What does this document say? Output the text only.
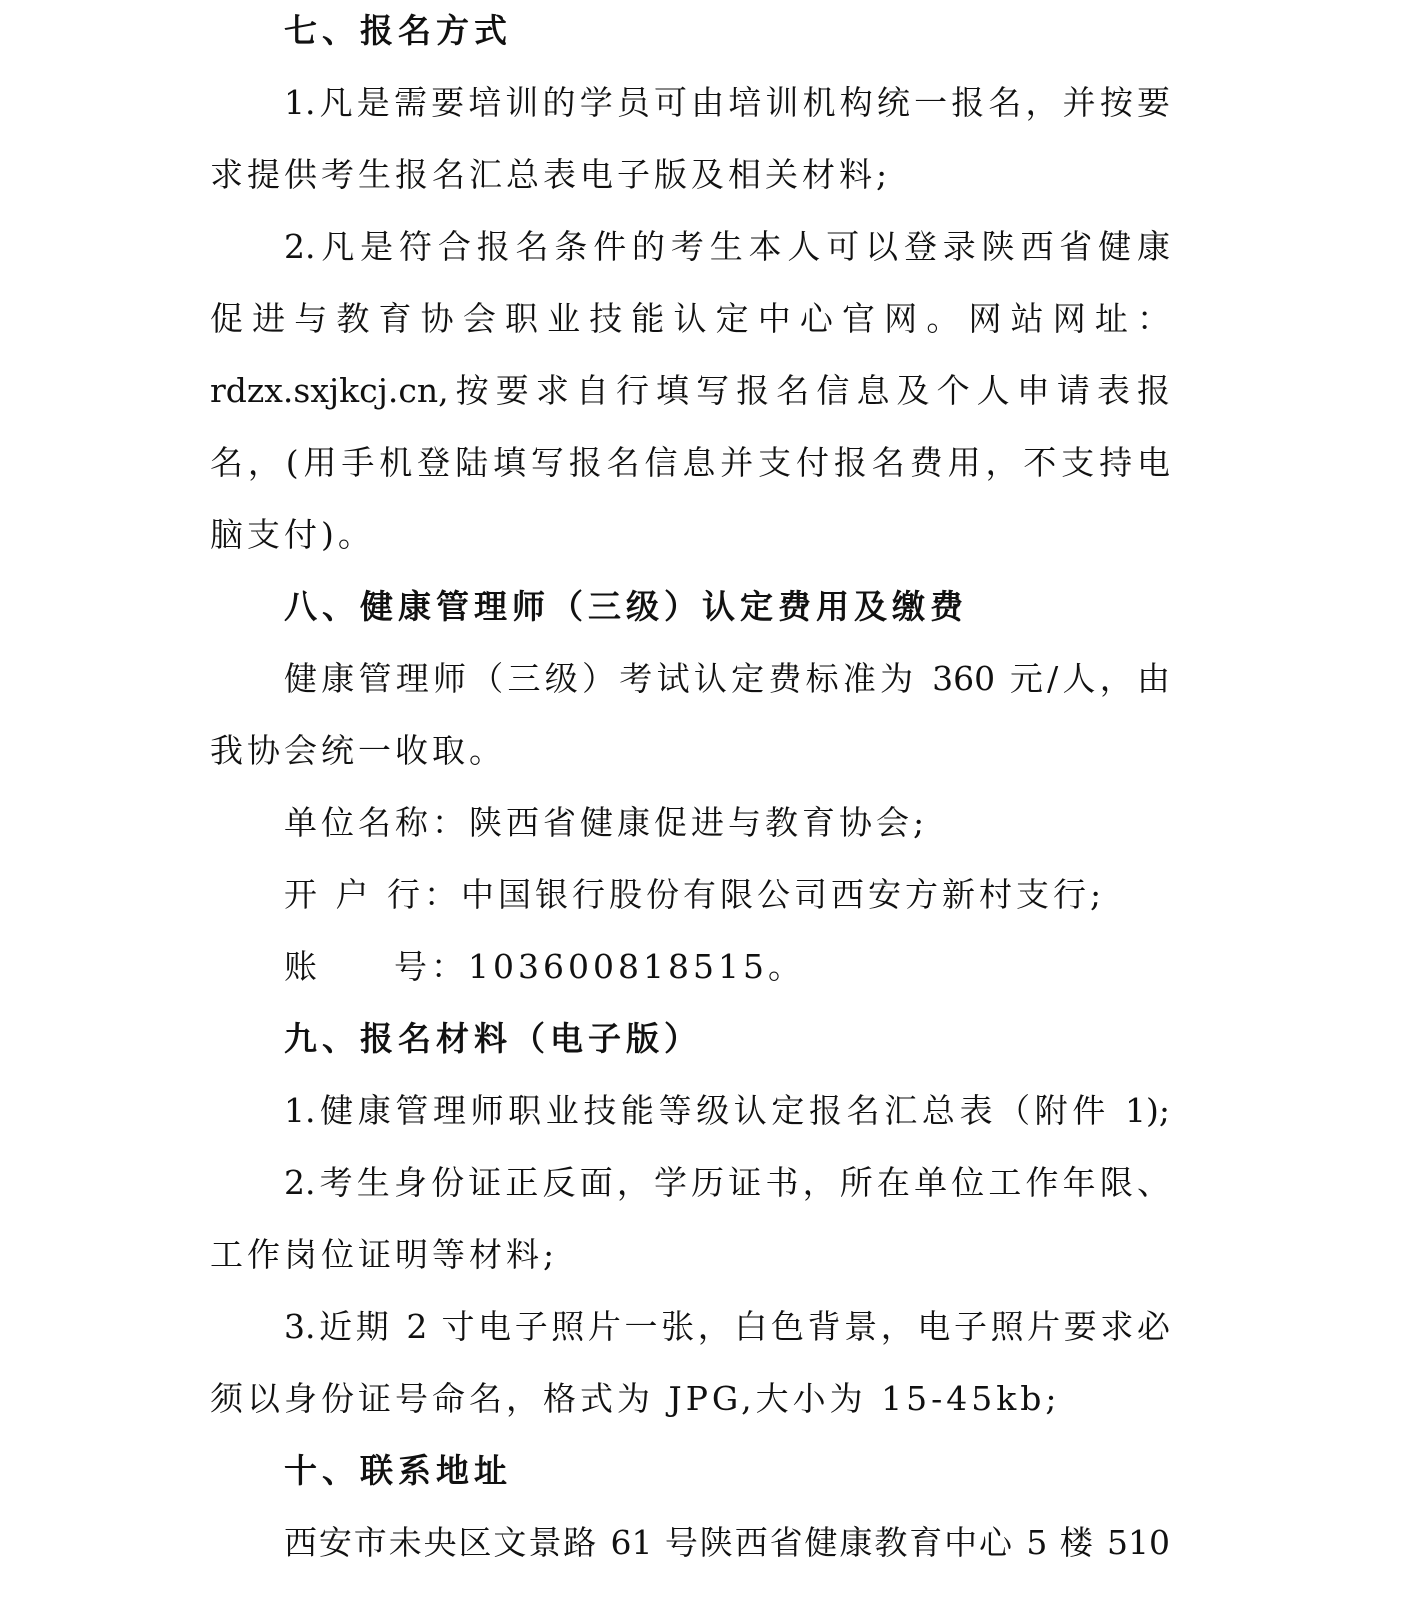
七、报名方式
1.凡是需要培训的学员可由培训机构统一报名，并按要
求提供考生报名汇总表电子版及相关材料;
2.凡是符合报名条件的考生本人可以登录陕西省健康
促进与教育协会职业技能认定中心官网。网站网址：
rdzx.sxjkcj.cn,按要求自行填写报名信息及个人申请表报
名，(用手机登陆填写报名信息并支付报名费用，不支持电
脑支付)。
八、健康管理师（三级）认定费用及缴费
健康管理师（三级）考试认定费标准为 360 元/人，由
我协会统一收取。
单位名称：陕西省健康促进与教育协会;
开 户 行：中国银行股份有限公司西安方新村支行;
账 号：103600818515。
九、报名材料（电子版）
1.健康管理师职业技能等级认定报名汇总表（附件 1);
2.考生身份证正反面，学历证书，所在单位工作年限、
工作岗位证明等材料;
3.近期 2 寸电子照片一张，白色背景，电子照片要求必
须以身份证号命名，格式为 JPG,大小为 15-45kb;
十、联系地址
西安市未央区文景路 61 号陕西省健康教育中心 5 楼 510
